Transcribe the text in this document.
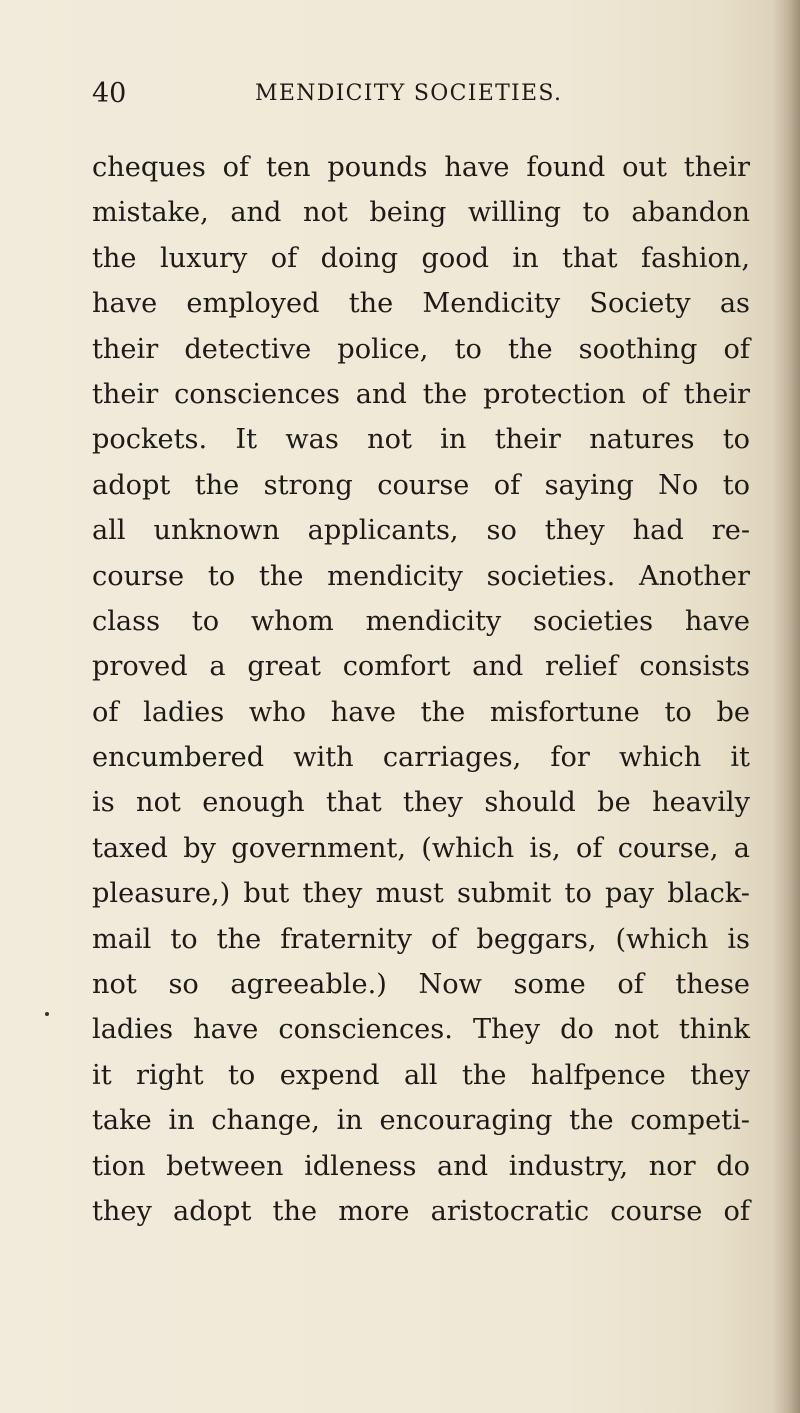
40	MENDICITY SOCIETIES.
cheques of ten pounds have found out their
mistake, and not being willing to abandon
the luxury of doing good in that fashion,
have employed the Mendicity Society as
their detective police, to the soothing of
their consciences and the protection of their
pockets. It was not in their natures to
adopt the strong course of saying No to
all unknown applicants, so they had re-
course to the mendicity societies. Another
class to whom mendicity societies have
proved a great comfort and relief consists
of ladies who have the misfortune to be
encumbered with carriages, for which it
is not enough that they should be heavily
taxed by government, (which is, of course, a
pleasure,) but they must submit to pay black-
mail to the fraternity of beggars, (which is
not so agreeable.) Now some of these
ladies have consciences. They do not think
it right to expend all the halfpence they
take in change, in encouraging the competi-
tion between idleness and industry, nor do
they adopt the more aristocratic course of
